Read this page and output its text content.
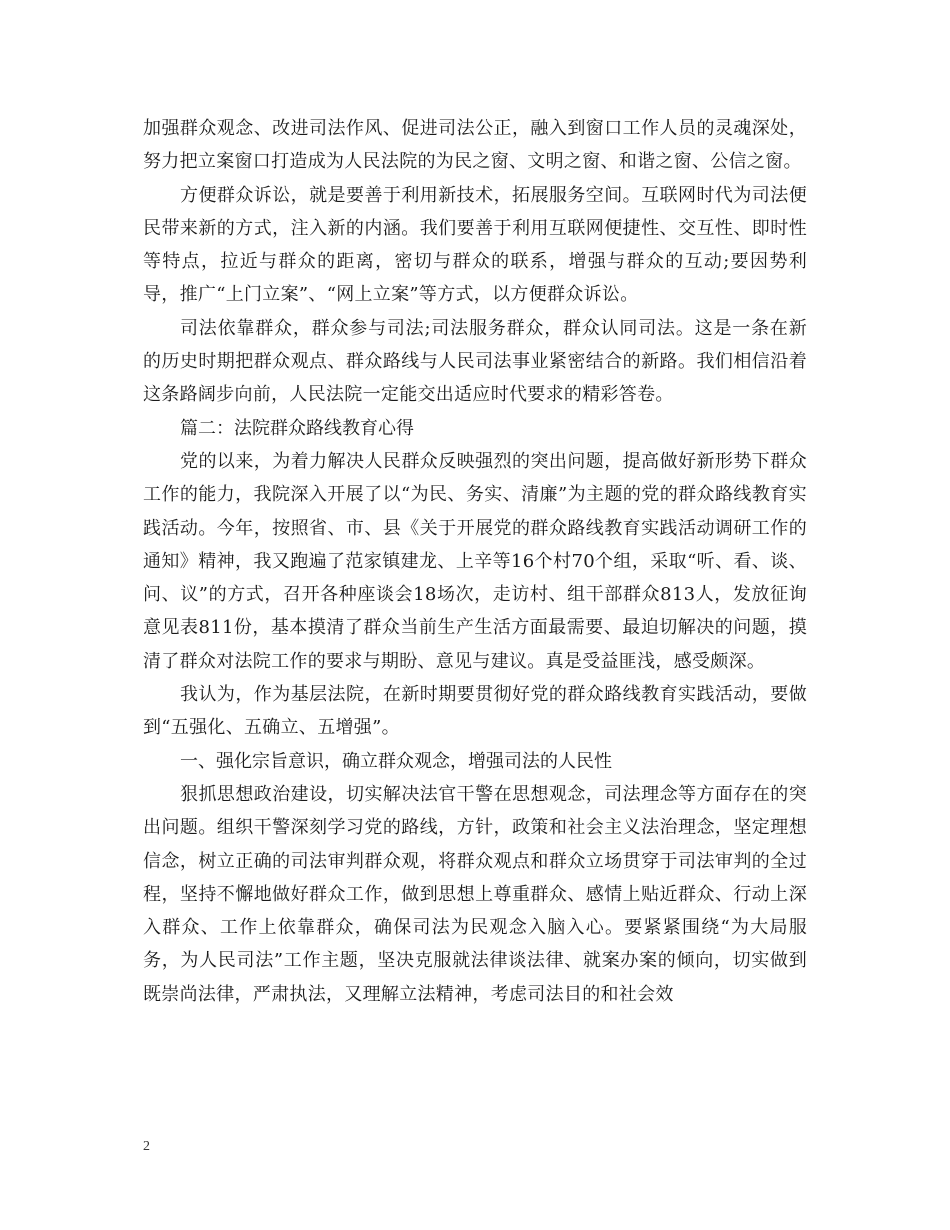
加强群众观念、改进司法作风、促进司法公正，融入到窗口工作人员的灵魂深处，努力把立案窗口打造成为人民法院的为民之窗、文明之窗、和谐之窗、公信之窗。

方便群众诉讼，就是要善于利用新技术，拓展服务空间。互联网时代为司法便民带来新的方式，注入新的内涵。我们要善于利用互联网便捷性、交互性、即时性等特点，拉近与群众的距离，密切与群众的联系，增强与群众的互动;要因势利导，推广“上门立案”、“网上立案”等方式，以方便群众诉讼。

司法依靠群众，群众参与司法;司法服务群众，群众认同司法。这是一条在新的历史时期把群众观点、群众路线与人民司法事业紧密结合的新路。我们相信沿着这条路阔步向前，人民法院一定能交出适应时代要求的精彩答卷。

篇二：法院群众路线教育心得

党的以来，为着力解决人民群众反映强烈的突出问题，提高做好新形势下群众工作的能力，我院深入开展了以“为民、务实、清廉”为主题的党的群众路线教育实践活动。今年，按照省、市、县《关于开展党的群众路线教育实践活动调研工作的通知》精神，我又跑遍了范家镇建龙、上辛等16个村70个组，采取“听、看、谈、问、议”的方式，召开各种座谈会18场次，走访村、组干部群众813人，发放征询意见表811份，基本摸清了群众当前生产生活方面最需要、最迫切解决的问题，摸清了群众对法院工作的要求与期盼、意见与建议。真是受益匪浅，感受颇深。

我认为，作为基层法院，在新时期要贯彻好党的群众路线教育实践活动，要做到“五强化、五确立、五增强”。

一、强化宗旨意识，确立群众观念，增强司法的人民性

狠抓思想政治建设，切实解决法官干警在思想观念，司法理念等方面存在的突出问题。组织干警深刻学习党的路线，方针，政策和社会主义法治理念，坚定理想信念，树立正确的司法审判群众观，将群众观点和群众立场贯穿于司法审判的全过程，坚持不懈地做好群众工作，做到思想上尊重群众、感情上贴近群众、行动上深入群众、工作上依靠群众，确保司法为民观念入脑入心。要紧紧围绕“为大局服务，为人民司法”工作主题，坚决克服就法律谈法律、就案办案的倾向，切实做到既崇尚法律，严肃执法，又理解立法精神，考虑司法目的和社会效

2
